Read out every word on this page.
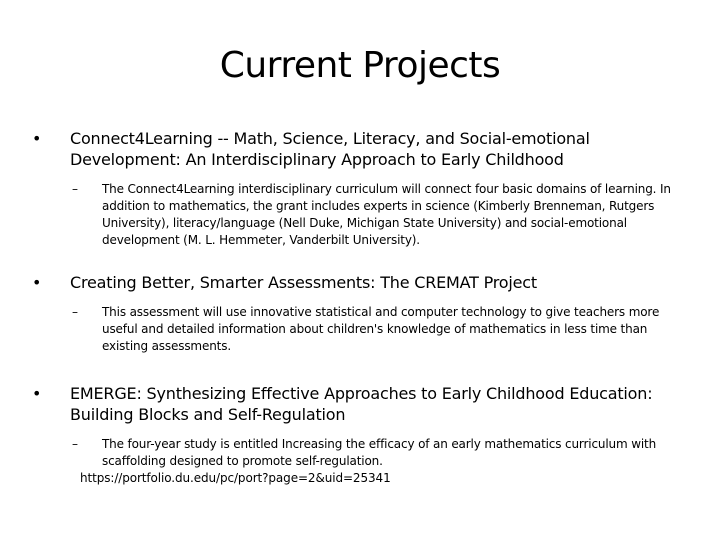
Current Projects
•	Connect4Learning -- Math, Science, Literacy, and Social-emotional Development: An Interdisciplinary Approach to Early Childhood
– The Connect4Learning interdisciplinary curriculum will connect four basic domains of learning. In addition to mathematics, the grant includes experts in science (Kimberly Brenneman, Rutgers University), literacy/language (Nell Duke, Michigan State University) and social-emotional development (M. L. Hemmeter, Vanderbilt University).
•	Creating Better, Smarter Assessments: The CREMAT Project
– This assessment will use innovative statistical and computer technology to give teachers more useful and detailed information about children's knowledge of mathematics in less time than existing assessments.
•	EMERGE: Synthesizing Effective Approaches to Early Childhood Education: Building Blocks and Self-Regulation
– The four-year study is entitled Increasing the efficacy of an early mathematics curriculum with scaffolding designed to promote self-regulation.
https://portfolio.du.edu/pc/port?page=2&uid=25341
